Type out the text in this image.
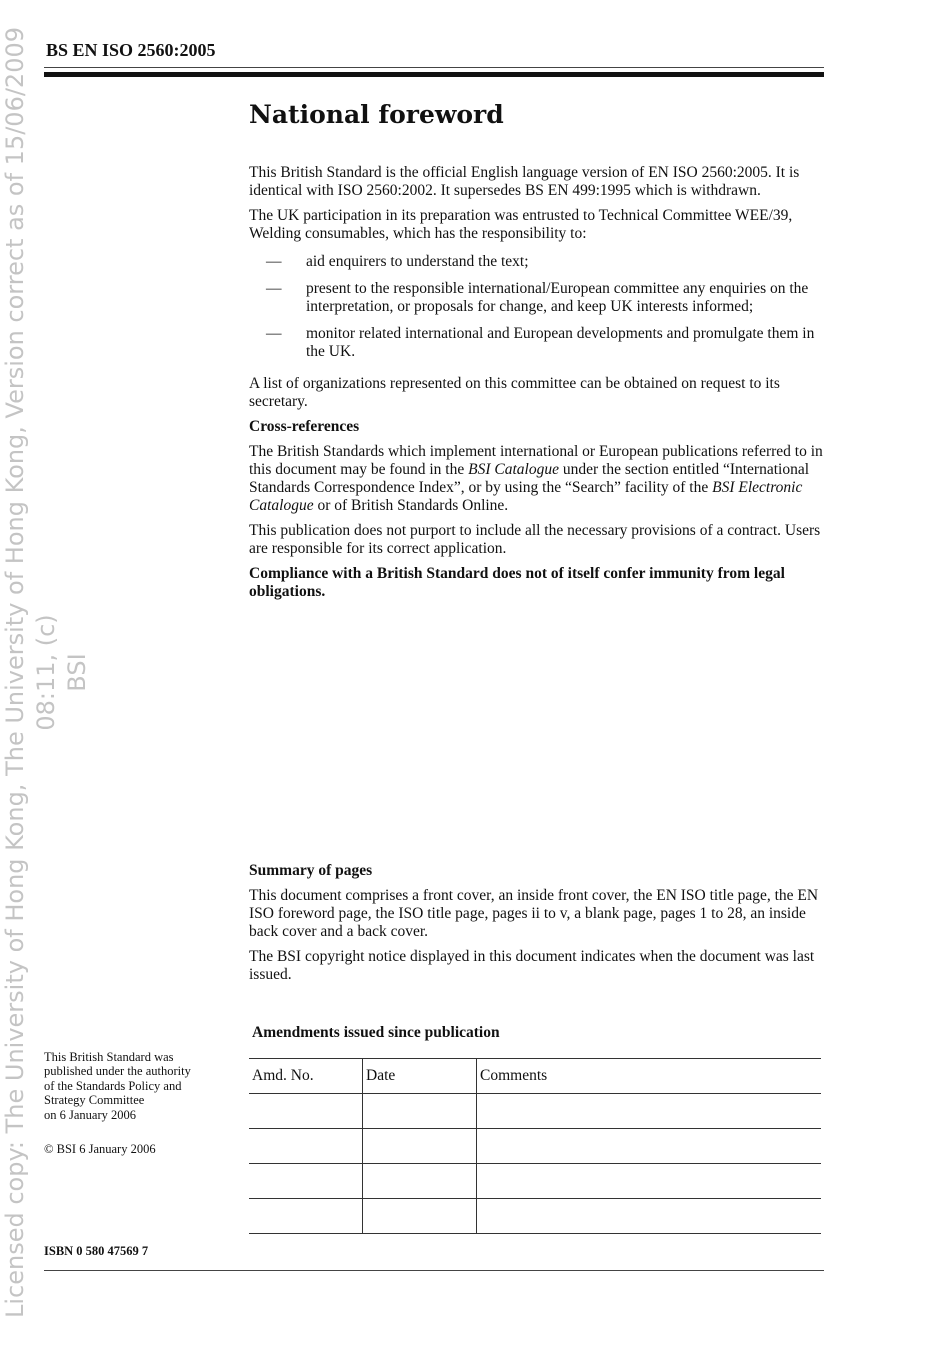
Licensed copy: The University of Hong Kong, The University of Hong Kong, Version correct as of 15/06/2009 08:11, (c) BSI
BS EN ISO 2560:2005
National foreword

This British Standard is the official English language version of EN ISO 2560:2005. It is identical with ISO 2560:2002. It supersedes BS EN 499:1995 which is withdrawn.

The UK participation in its preparation was entrusted to Technical Committee WEE/39, Welding consumables, which has the responsibility to:

— aid enquirers to understand the text;
— present to the responsible international/European committee any enquiries on the interpretation, or proposals for change, and keep UK interests informed;
— monitor related international and European developments and promulgate them in the UK.

A list of organizations represented on this committee can be obtained on request to its secretary.

Cross-references

The British Standards which implement international or European publications referred to in this document may be found in the BSI Catalogue under the section entitled “International Standards Correspondence Index”, or by using the “Search” facility of the BSI Electronic Catalogue or of British Standards Online.

This publication does not purport to include all the necessary provisions of a contract. Users are responsible for its correct application.

Compliance with a British Standard does not of itself confer immunity from legal obligations.

Summary of pages

This document comprises a front cover, an inside front cover, the EN ISO title page, the EN ISO foreword page, the ISO title page, pages ii to v, a blank page, pages 1 to 28, an inside back cover and a back cover.

The BSI copyright notice displayed in this document indicates when the document was last issued.

This British Standard was
published under the authority
of the Standards Policy and
Strategy Committee
on 6 January 2006
© BSI 6 January 2006
Amendments issued since publication
Amd. No.	Date	Comments

ISBN 0 580 47569 7
